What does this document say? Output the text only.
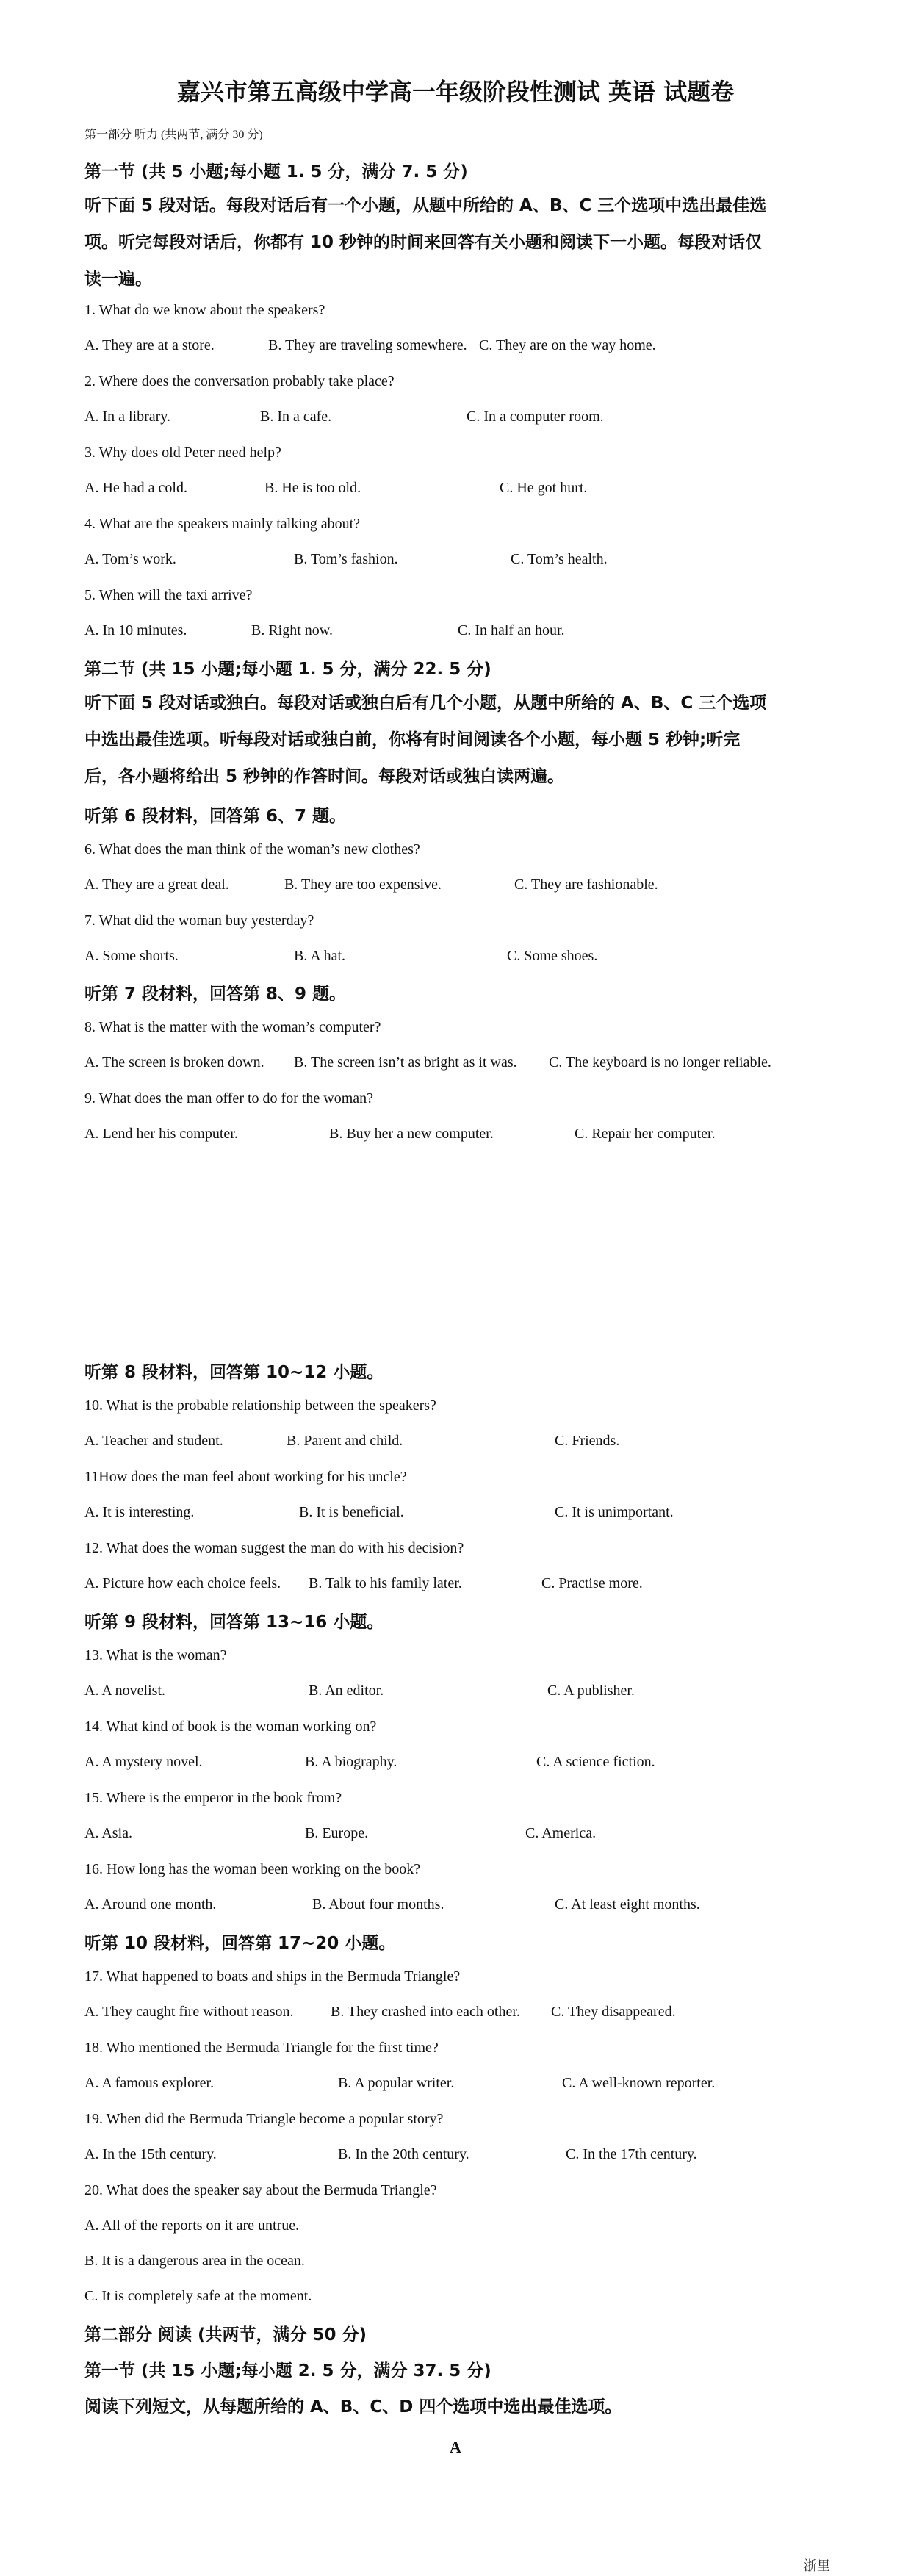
嘉兴市第五高级中学高一年级阶段性测试 英语 试题卷
第一部分 听力 (共两节, 满分 30 分)
第一节 (共 5 小题;每小题 1. 5 分，满分 7. 5 分)
听下面 5 段对话。每段对话后有一个小题，从题中所给的 A、B、C 三个选项中选出最佳选
项。听完每段对话后，你都有 10 秒钟的时间来回答有关小题和阅读下一小题。每段对话仅
读一遍。
1. What do we know about the speakers?
A. They are at a store.	B. They are traveling somewhere. C. They are on the way home.
2. Where does the conversation probably take place?
A. In a library.	B. In a cafe.	C. In a computer room.
3. Why does old Peter need help?
A. He had a cold.	B. He is too old.	C. He got hurt.
4. What are the speakers mainly talking about?
A. Tom’s work.	B. Tom’s fashion.	C. Tom’s health.
5. When will the taxi arrive?
A. In 10 minutes.	B. Right now.	C. In half an hour.
第二节 (共 15 小题;每小题 1. 5 分，满分 22. 5 分)
听下面 5 段对话或独白。每段对话或独白后有几个小题，从题中所给的 A、B、C 三个选项
中选出最佳选项。听每段对话或独白前，你将有时间阅读各个小题，每小题 5 秒钟;听完
后，各小题将给出 5 秒钟的作答时间。每段对话或独白读两遍。
听第 6 段材料，回答第 6、7 题。
6. What does the man think of the woman’s new clothes?
A. They are a great deal.	B. They are too expensive.	C. They are fashionable.
7. What did the woman buy yesterday?
A. Some shorts.	B. A hat.	C. Some shoes.
听第 7 段材料，回答第 8、9 题。
8. What is the matter with the woman’s computer?
A. The screen is broken down. B. The screen isn’t as bright as it was. C. The keyboard is no longer reliable.
9. What does the man offer to do for the woman?
A. Lend her his computer.	B. Buy her a new computer.	C. Repair her computer.
听第 8 段材料，回答第 10~12 小题。
10. What is the probable relationship between the speakers?
A. Teacher and student.	B. Parent and child.	C. Friends.
11How does the man feel about working for his uncle?
A. It is interesting.	B. It is beneficial.	C. It is unimportant.
12. What does the woman suggest the man do with his decision?
A. Picture how each choice feels. B. Talk to his family later.	C. Practise more.
听第 9 段材料，回答第 13~16 小题。
13. What is the woman?
A. A novelist.	B. An editor.	C. A publisher.
14. What kind of book is the woman working on?
A. A mystery novel.	B. A biography.	C. A science fiction.
15. Where is the emperor in the book from?
A. Asia.	B. Europe.	C. America.
16. How long has the woman been working on the book?
A. Around one month.	B. About four months.	C. At least eight months.
听第 10 段材料，回答第 17~20 小题。
17. What happened to boats and ships in the Bermuda Triangle?
A. They caught fire without reason.	B. They crashed into each other. C. They disappeared.
18. Who mentioned the Bermuda Triangle for the first time?
A. A famous explorer.	B. A popular writer.	C. A well-known reporter.
19. When did the Bermuda Triangle become a popular story?
A. In the 15th century.	B. In the 20th century.	C. In the 17th century.
20. What does the speaker say about the Bermuda Triangle?
A. All of the reports on it are untrue.
B. It is a dangerous area in the ocean.
C. It is completely safe at the moment.
第二部分 阅读 (共两节，满分 50 分)
第一节 (共 15 小题;每小题 2. 5 分，满分 37. 5 分)
阅读下列短文，从每题所给的 A、B、C、D 四个选项中选出最佳选项。
A
浙里
